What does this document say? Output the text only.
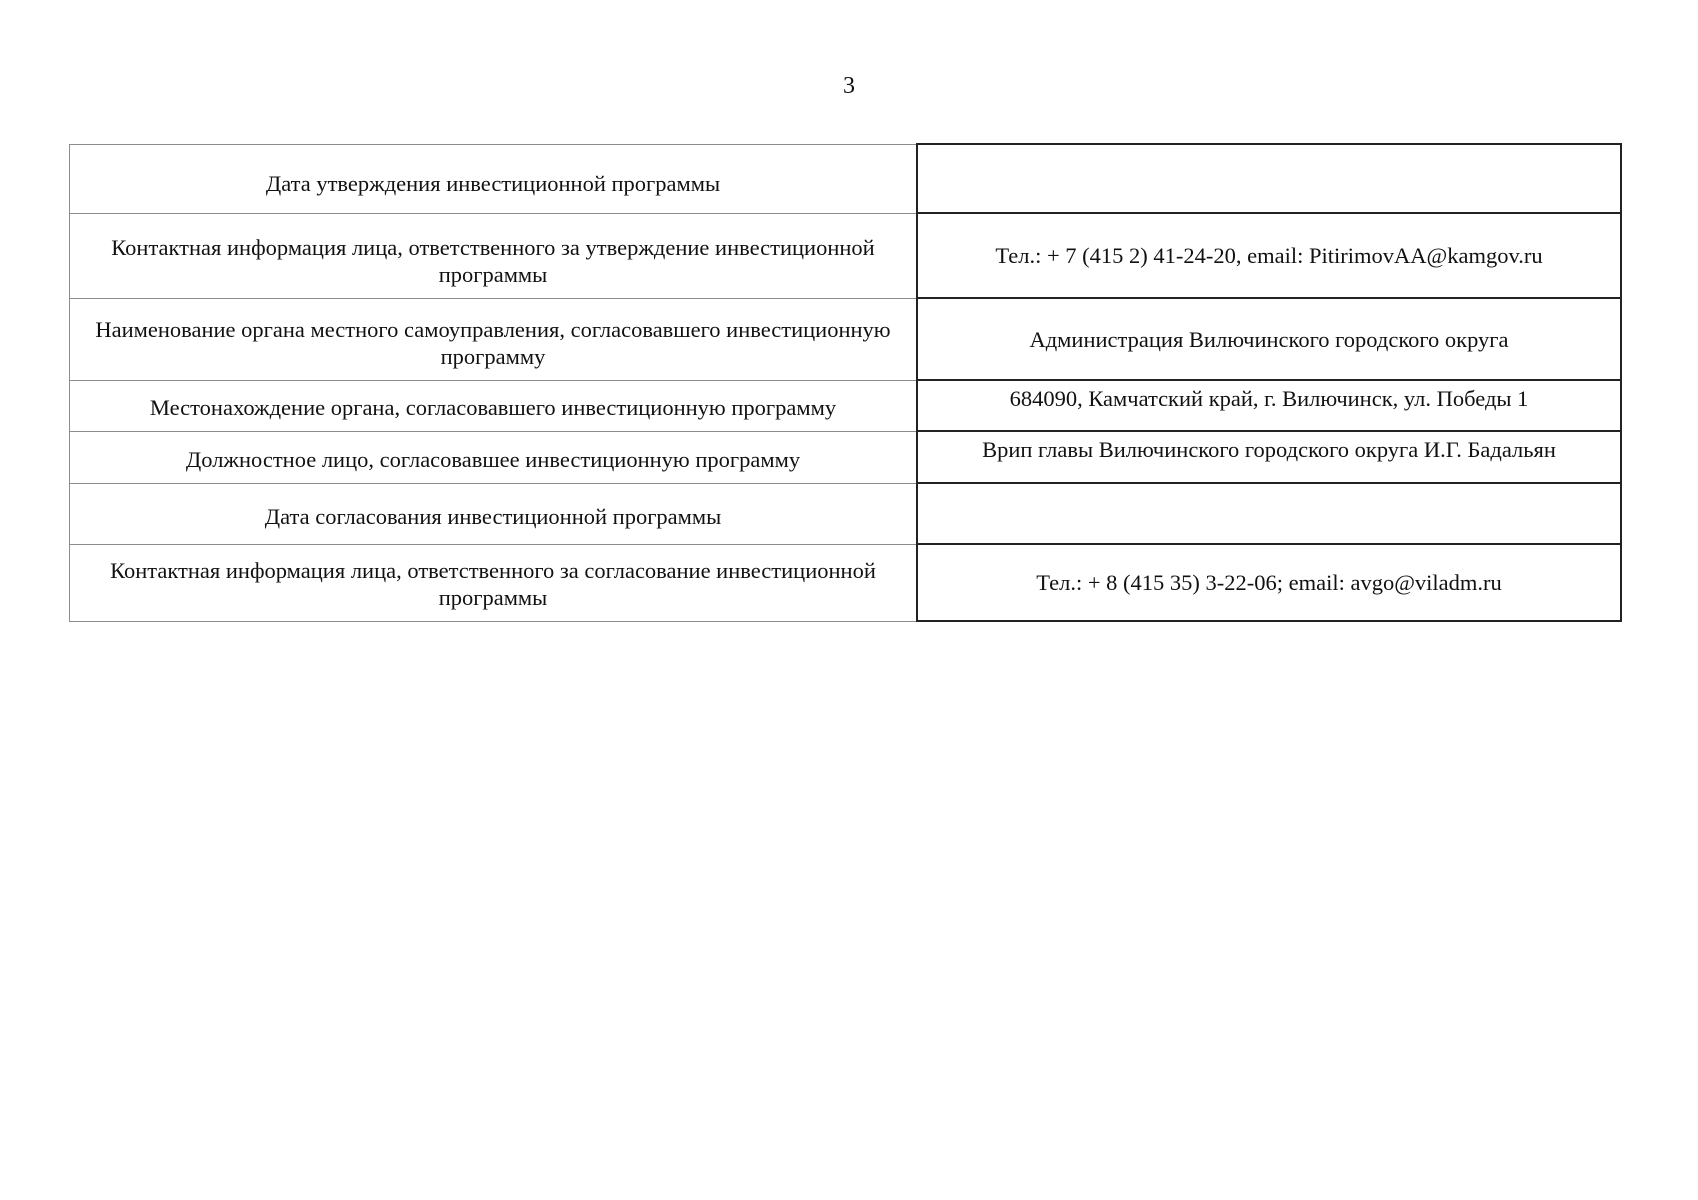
3
Дата утверждения инвестиционной программы	
Контактная информация лица, ответственного за утверждение инвестиционной программы	Тел.: + 7 (415 2) 41-24-20, email: PitirimovAA@kamgov.ru
Наименование органа местного самоуправления, согласовавшего инвестиционную программу	Администрация Вилючинского городского округа
Местонахождение органа, согласовавшего инвестиционную программу	684090, Камчатский край, г. Вилючинск, ул. Победы 1
Должностное лицо, согласовавшее инвестиционную программу	Врип главы Вилючинского городского округа И.Г. Бадальян
Дата согласования инвестиционной программы	
Контактная информация лица, ответственного за согласование инвестиционной программы	Тел.: + 8 (415 35) 3-22-06; email: avgo@viladm.ru
